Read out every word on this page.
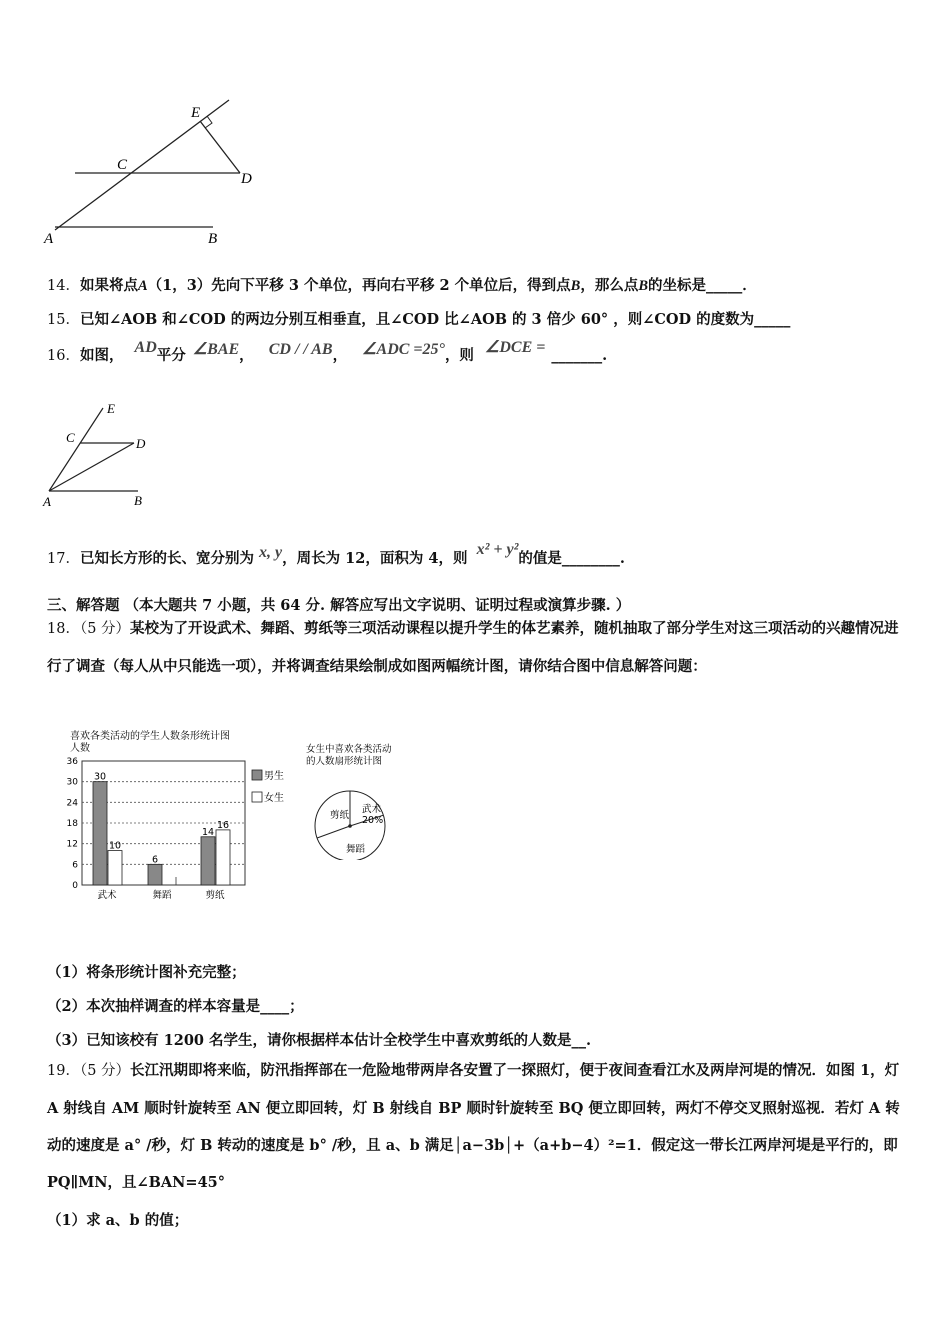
E
C
D
A	B
14．如果将点A（1，3）先向下平移 3 个单位，再向右平移 2 个单位后，得到点B，那么点B的坐标是_____．
15．已知∠AOB 和∠COD 的两边分别互相垂直，且∠COD 比∠AOB 的 3 倍少 60° ，则∠COD 的度数为_____
16．如图， AD平分 ∠BAE， CD / / AB， ∠ADC =25°，则 ∠DCE = _______.
E
C	D
A	B
17．已知长方形的长、宽分别为 x, y，周长为 12，面积为 4，则 x² + y²的值是________.
三、解答题 （本大题共 7 小题，共 64 分. 解答应写出文字说明、证明过程或演算步骤. ）
18．（5 分）某校为了开设武术、舞蹈、剪纸等三项活动课程以提升学生的体艺素养，随机抽取了部分学生对这三项活动的兴趣情况进行了调查（每人从中只能选一项），并将调查结果绘制成如图两幅统计图，请你结合图中信息解答问题：
喜欢各类活动的学生人数条形统计图
人数
0
6
12
18
24
30
36
30
10
武术
6
舞蹈
14
16
剪纸
男生
女生
女生中喜欢各类活动
的人数扇形统计图
武术
20%
剪纸
舞蹈
（1）将条形统计图补充完整；
（2）本次抽样调查的样本容量是____；
（3）已知该校有 1200 名学生，请你根据样本估计全校学生中喜欢剪纸的人数是__.
19．（5 分）长江汛期即将来临，防汛指挥部在一危险地带两岸各安置了一探照灯，便于夜间查看江水及两岸河堤的情况．如图 1，灯 A 射线自 AM 顺时针旋转至 AN 便立即回转，灯 B 射线自 BP 顺时针旋转至 BQ 便立即回转，两灯不停交叉照射巡视．若灯 A 转动的速度是 a° /秒，灯 B 转动的速度是 b° /秒，且 a、b 满足│a−3b│+（a+b−4）²=1．假定这一带长江两岸河堤是平行的，即 PQ∥MN，且∠BAN=45°
（1）求 a、b 的值；
